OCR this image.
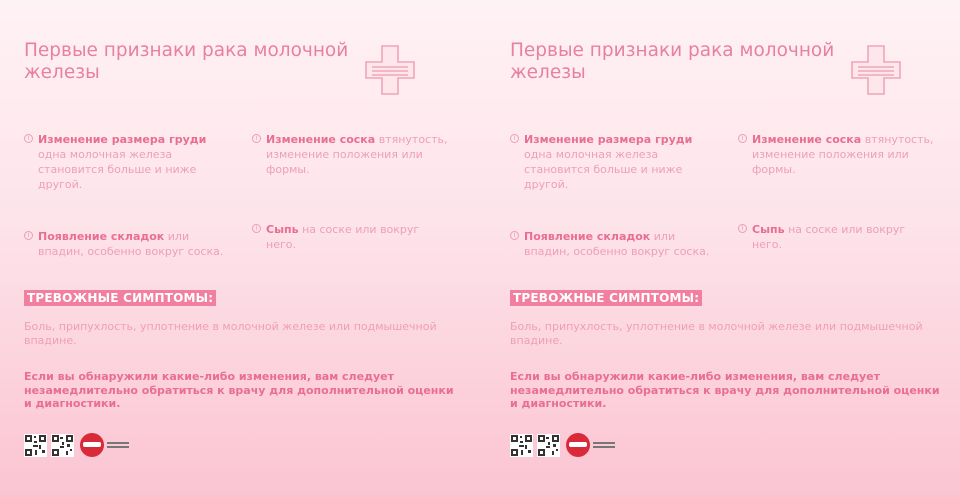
Первые признаки рака молочной железы
i Изменение размера груди одна молочная железа становится больше и ниже другой.
i Изменение соска втянутость, изменение положения или формы.
i Появление складок или впадин, особенно вокруг соска.
i Сыпь на соске или вокруг него.
ТРЕВОЖНЫЕ СИМПТОМЫ:
Боль, припухлость, уплотнение в молочной железе или подмышечной впадине.
Если вы обнаружили какие-либо изменения, вам следует незамедлительно обратиться к врачу для дополнительной оценки и диагностики.
Первые признаки рака молочной железы
i Изменение размера груди одна молочная железа становится больше и ниже другой.
i Изменение соска втянутость, изменение положения или формы.
i Появление складок или впадин, особенно вокруг соска.
i Сыпь на соске или вокруг него.
ТРЕВОЖНЫЕ СИМПТОМЫ:
Боль, припухлость, уплотнение в молочной железе или подмышечной впадине.
Если вы обнаружили какие-либо изменения, вам следует незамедлительно обратиться к врачу для дополнительной оценки и диагностики.
